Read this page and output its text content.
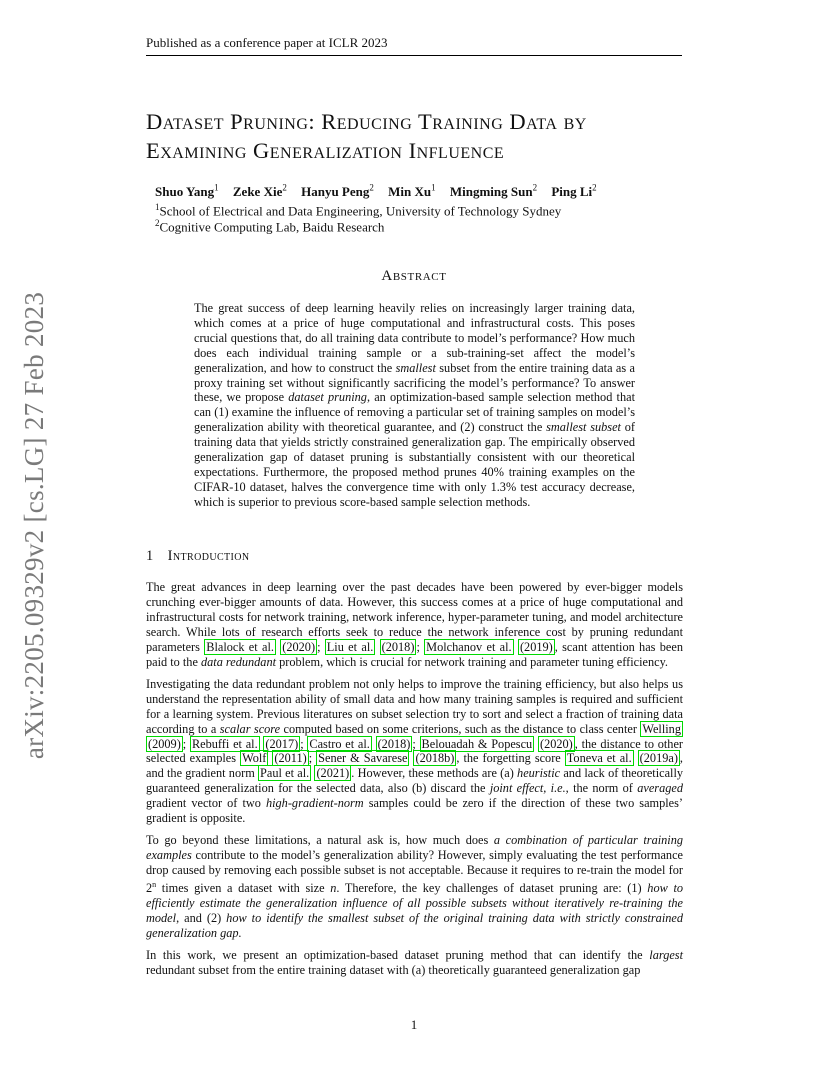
arXiv:2205.09329v2 [cs.LG] 27 Feb 2023
Published as a conference paper at ICLR 2023
Dataset Pruning: Reducing Training Data by
Examining Generalization Influence
Shuo Yang$^1$ Zeke Xie$^2$ Hanyu Peng$^2$ Min Xu$^1$ Mingming Sun$^2$ Ping Li$^2$
$^1$School of Electrical and Data Engineering, University of Technology Sydney
$^2$Cognitive Computing Lab, Baidu Research
Abstract
The great success of deep learning heavily relies on increasingly larger training data, which comes at a price of huge computational and infrastructural costs. This poses crucial questions that, do all training data contribute to model’s performance? How much does each individual training sample or a sub-training-set affect the model’s generalization, and how to construct the smallest subset from the entire training data as a proxy training set without significantly sacrificing the model’s performance? To answer these, we propose dataset pruning, an optimization-based sample selection method that can (1) examine the influence of removing a particular set of training samples on model’s generalization ability with theoretical guarantee, and (2) construct the smallest subset of training data that yields strictly constrained generalization gap. The empirically observed generalization gap of dataset pruning is substantially consistent with our theoretical expectations. Furthermore, the proposed method prunes 40% training examples on the CIFAR-10 dataset, halves the convergence time with only 1.3% test accuracy decrease, which is superior to previous score-based sample selection methods.
1 Introduction

The great advances in deep learning over the past decades have been powered by ever-bigger models crunching ever-bigger amounts of data. However, this success comes at a price of huge computational and infrastructural costs for network training, network inference, hyper-parameter tuning, and model architecture search. While lots of research efforts seek to reduce the network inference cost by pruning redundant parameters Blalock et al. (2020) ; Liu et al. (2018) ; Molchanov et al. (2019) , scant attention has been paid to the data redundant problem, which is crucial for network training and parameter tuning efficiency.

Investigating the data redundant problem not only helps to improve the training efficiency, but also helps us understand the representation ability of small data and how many training samples is required and sufficient for a learning system. Previous literatures on subset selection try to sort and select a fraction of training data according to a scalar score computed based on some criterions, such as the distance to class center Welling (2009) ; Rebuffi et al. (2017) ; Castro et al. (2018) ; Belouadah & Popescu (2020) , the distance to other selected examples Wolf (2011) ; Sener & Savarese (2018b) , the forgetting score Toneva et al. (2019a) , and the gradient norm Paul et al. (2021) . However, these methods are (a) heuristic and lack of theoretically guaranteed generalization for the selected data, also (b) discard the joint effect, i.e., the norm of averaged gradient vector of two high-gradient-norm samples could be zero if the direction of these two samples’ gradient is opposite.

To go beyond these limitations, a natural ask is, how much does a combination of particular training examples contribute to the model’s generalization ability? However, simply evaluating the test performance drop caused by removing each possible subset is not acceptable. Because it requires to re-train the model for 2$^n$ times given a dataset with size n. Therefore, the key challenges of dataset pruning are: (1) how to efficiently estimate the generalization influence of all possible subsets without iteratively re-training the model, and (2) how to identify the smallest subset of the original training data with strictly constrained generalization gap.

In this work, we present an optimization-based dataset pruning method that can identify the largest redundant subset from the entire training dataset with (a) theoretically guaranteed generalization gap

1
